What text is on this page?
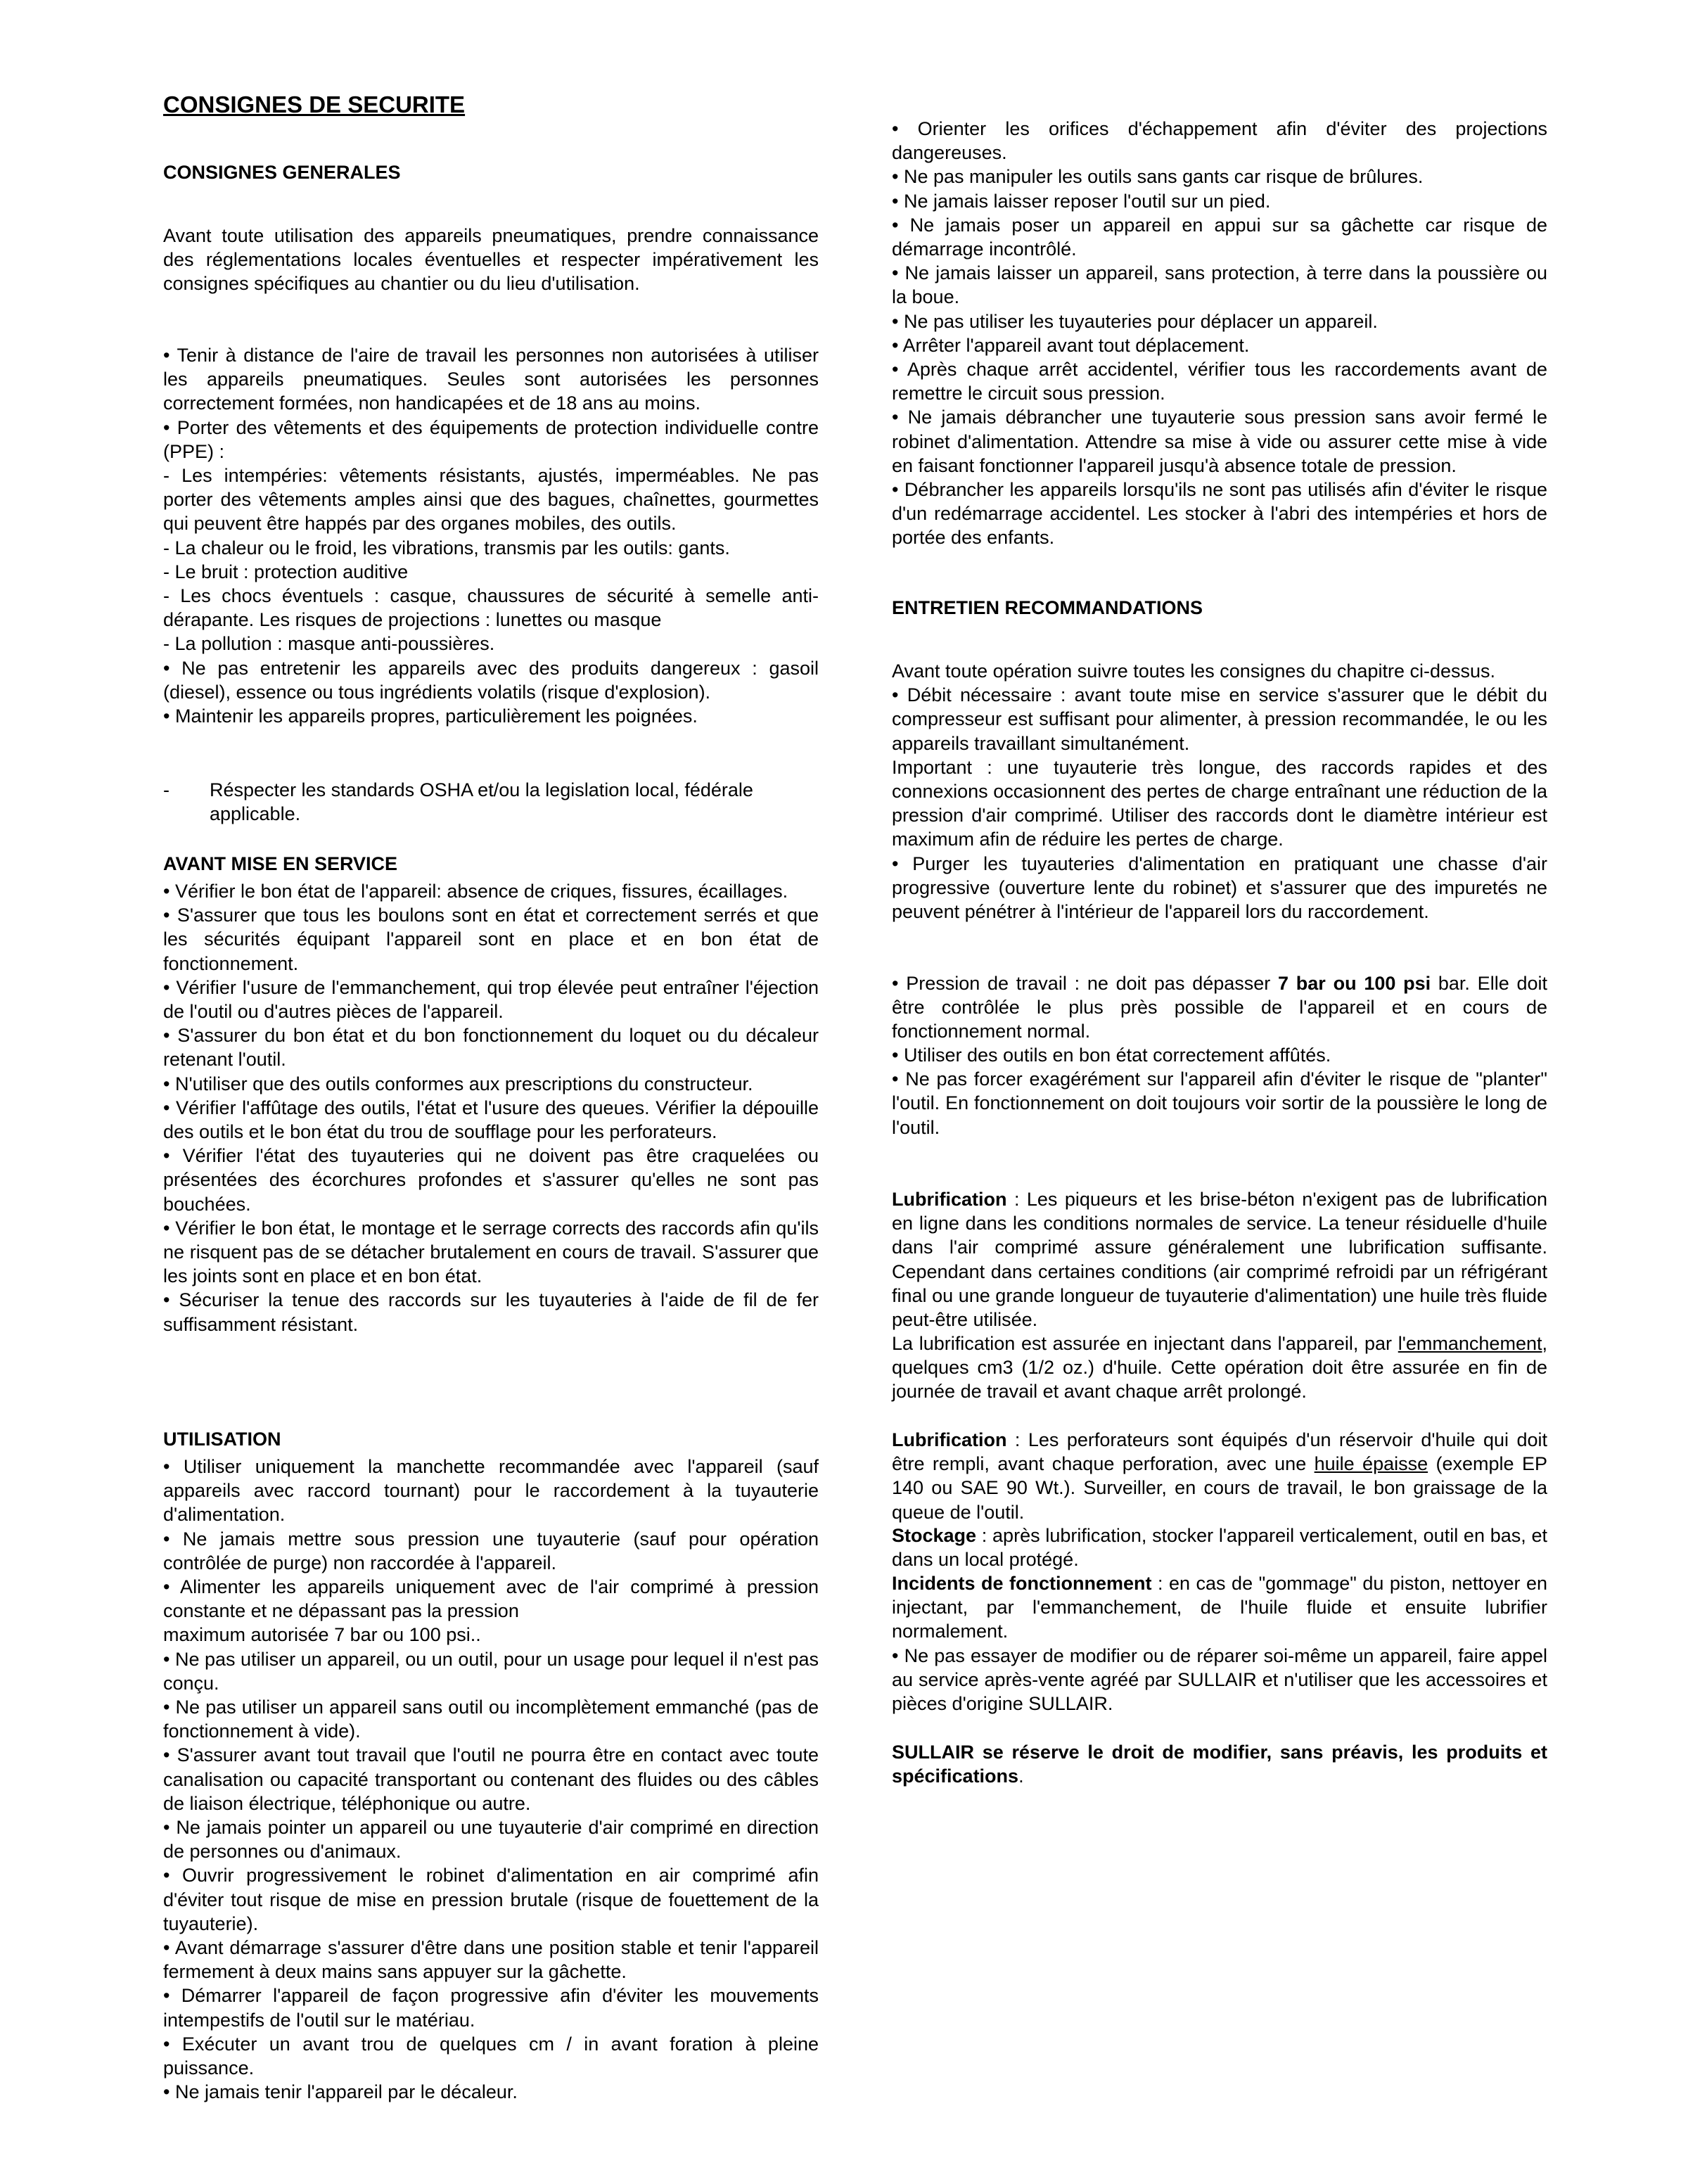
CONSIGNES DE SECURITE
CONSIGNES GENERALES

Avant toute utilisation des appareils pneumatiques, prendre connaissance des réglementations locales éventuelles et respecter impérativement les consignes spécifiques au chantier ou du lieu d'utilisation.

• Tenir à distance de l'aire de travail les personnes non autorisées à utiliser les appareils pneumatiques. Seules sont autorisées les personnes correctement formées, non handicapées et de 18 ans au moins.
• Porter des vêtements et des équipements de protection individuelle contre (PPE) :
- Les intempéries: vêtements résistants, ajustés, imperméables. Ne pas porter des vêtements amples ainsi que des bagues, chaînettes, gourmettes qui peuvent être happés par des organes mobiles, des outils.
- La chaleur ou le froid, les vibrations, transmis par les outils: gants.
- Le bruit : protection auditive
- Les chocs éventuels : casque, chaussures de sécurité à semelle anti-dérapante. Les risques de projections : lunettes ou masque
- La pollution : masque anti-poussières.
• Ne pas entretenir les appareils avec des produits dangereux : gasoil (diesel), essence ou tous ingrédients volatils (risque d'explosion).
• Maintenir les appareils propres, particulièrement les poignées.

-	Réspecter les standards OSHA et/ou la legislation local, fédérale applicable.
AVANT MISE EN SERVICE

• Vérifier le bon état de l'appareil: absence de criques, fissures, écaillages.
• S'assurer que tous les boulons sont en état et correctement serrés et que les sécurités équipant l'appareil sont en place et en bon état de fonctionnement.
• Vérifier l'usure de l'emmanchement, qui trop élevée peut entraîner l'éjection de l'outil ou d'autres pièces de l'appareil.
• S'assurer du bon état et du bon fonctionnement du loquet ou du décaleur retenant l'outil.
• N'utiliser que des outils conformes aux prescriptions du constructeur.
• Vérifier l'affûtage des outils, l'état et l'usure des queues. Vérifier la dépouille des outils et le bon état du trou de soufflage pour les perforateurs.
• Vérifier l'état des tuyauteries qui ne doivent pas être craquelées ou présentées des écorchures profondes et s'assurer qu'elles ne sont pas bouchées.
• Vérifier le bon état, le montage et le serrage corrects des raccords afin qu'ils ne risquent pas de se détacher brutalement en cours de travail. S'assurer que les joints sont en place et en bon état.
• Sécuriser la tenue des raccords sur les tuyauteries à l'aide de fil de fer suffisamment résistant.

UTILISATION

• Utiliser uniquement la manchette recommandée avec l'appareil (sauf appareils avec raccord tournant) pour le raccordement à la tuyauterie d'alimentation.
• Ne jamais mettre sous pression une tuyauterie (sauf pour opération contrôlée de purge) non raccordée à l'appareil.
• Alimenter les appareils uniquement avec de l'air comprimé à pression constante et ne dépassant pas la pression
maximum autorisée 7 bar ou 100 psi..
• Ne pas utiliser un appareil, ou un outil, pour un usage pour lequel il n'est pas conçu.
• Ne pas utiliser un appareil sans outil ou incomplètement emmanché (pas de fonctionnement à vide).
• S'assurer avant tout travail que l'outil ne pourra être en contact avec toute canalisation ou capacité transportant ou contenant des fluides ou des câbles de liaison électrique, téléphonique ou autre.
• Ne jamais pointer un appareil ou une tuyauterie d'air comprimé en direction de personnes ou d'animaux.
• Ouvrir progressivement le robinet d'alimentation en air comprimé afin d'éviter tout risque de mise en pression brutale (risque de fouettement de la tuyauterie).
• Avant démarrage s'assurer d'être dans une position stable et tenir l'appareil fermement à deux mains sans appuyer sur la gâchette.
• Démarrer l'appareil de façon progressive afin d'éviter les mouvements intempestifs de l'outil sur le matériau.
• Exécuter un avant trou de quelques cm / in avant foration à pleine puissance.
• Ne jamais tenir l'appareil par le décaleur.

• Orienter les orifices d'échappement afin d'éviter des projections dangereuses.
• Ne pas manipuler les outils sans gants car risque de brûlures.
• Ne jamais laisser reposer l'outil sur un pied.
• Ne jamais poser un appareil en appui sur sa gâchette car risque de démarrage incontrôlé.
• Ne jamais laisser un appareil, sans protection, à terre dans la poussière ou la boue.
• Ne pas utiliser les tuyauteries pour déplacer un appareil.
• Arrêter l'appareil avant tout déplacement.
• Après chaque arrêt accidentel, vérifier tous les raccordements avant de remettre le circuit sous pression.
• Ne jamais débrancher une tuyauterie sous pression sans avoir fermé le robinet d'alimentation. Attendre sa mise à vide ou assurer cette mise à vide en faisant fonctionner l'appareil jusqu'à absence totale de pression.
• Débrancher les appareils lorsqu'ils ne sont pas utilisés afin d'éviter le risque d'un redémarrage accidentel. Les stocker à l'abri des intempéries et hors de portée des enfants.

ENTRETIEN RECOMMANDATIONS

Avant toute opération suivre toutes les consignes du chapitre ci-dessus.
• Débit nécessaire : avant toute mise en service s'assurer que le débit du compresseur est suffisant pour alimenter, à pression recommandée, le ou les appareils travaillant simultanément.
Important : une tuyauterie très longue, des raccords rapides et des connexions occasionnent des pertes de charge entraînant une réduction de la pression d'air comprimé. Utiliser des raccords dont le diamètre intérieur est maximum afin de réduire les pertes de charge.
• Purger les tuyauteries d'alimentation en pratiquant une chasse d'air progressive (ouverture lente du robinet) et s'assurer que des impuretés ne peuvent pénétrer à l'intérieur de l'appareil lors du raccordement.

• Pression de travail : ne doit pas dépasser 7 bar ou 100 psi bar. Elle doit être contrôlée le plus près possible de l'appareil et en cours de fonctionnement normal.

• Utiliser des outils en bon état correctement affûtés.
• Ne pas forcer exagérément sur l'appareil afin d'éviter le risque de "planter" l'outil. En fonctionnement on doit toujours voir sortir de la poussière le long de l'outil.

Lubrification : Les piqueurs et les brise-béton n'exigent pas de lubrification en ligne dans les conditions normales de service. La teneur résiduelle d'huile dans l'air comprimé assure généralement une lubrification suffisante. Cependant dans certaines conditions (air comprimé refroidi par un réfrigérant final ou une grande longueur de tuyauterie d'alimentation) une huile très fluide peut-être utilisée.

La lubrification est assurée en injectant dans l'appareil, par l'emmanchement, quelques cm3 (1/2 oz.) d'huile. Cette opération doit être assurée en fin de journée de travail et avant chaque arrêt prolongé.

Lubrification : Les perforateurs sont équipés d'un réservoir d'huile qui doit être rempli, avant chaque perforation, avec une huile épaisse (exemple EP 140 ou SAE 90 Wt.). Surveiller, en cours de travail, le bon graissage de la queue de l'outil.

Stockage : après lubrification, stocker l'appareil verticalement, outil en bas, et dans un local protégé.

Incidents de fonctionnement : en cas de "gommage" du piston, nettoyer en injectant, par l'emmanchement, de l'huile fluide et ensuite lubrifier normalement.

• Ne pas essayer de modifier ou de réparer soi-même un appareil, faire appel au service après-vente agréé par SULLAIR et n'utiliser que les accessoires et pièces d'origine SULLAIR.

SULLAIR se réserve le droit de modifier, sans préavis, les produits et spécifications.
